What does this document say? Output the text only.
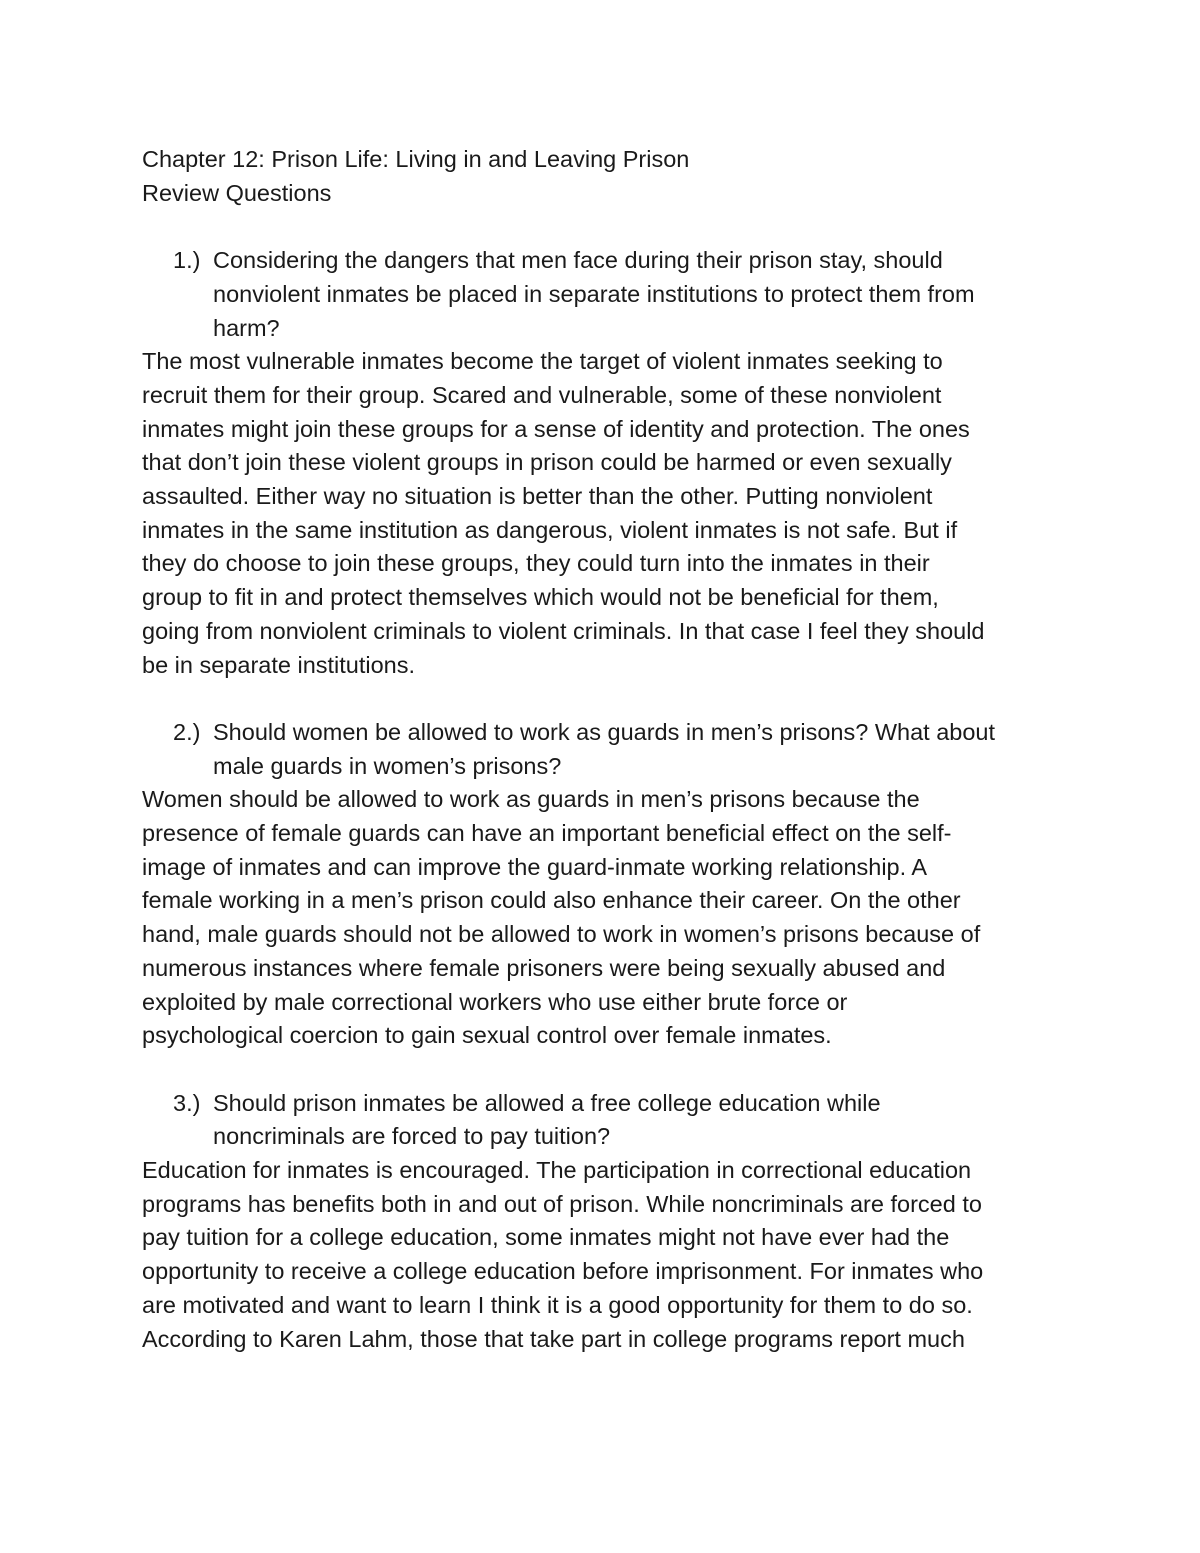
Chapter 12: Prison Life: Living in and Leaving Prison

Review Questions

1.) Considering the dangers that men face during their prison stay, should

nonviolent inmates be placed in separate institutions to protect them from

harm?

The most vulnerable inmates become the target of violent inmates seeking to

recruit them for their group. Scared and vulnerable, some of these nonviolent

inmates might join these groups for a sense of identity and protection. The ones

that don’t join these violent groups in prison could be harmed or even sexually

assaulted. Either way no situation is better than the other. Putting nonviolent

inmates in the same institution as dangerous, violent inmates is not safe. But if

they do choose to join these groups, they could turn into the inmates in their

group to fit in and protect themselves which would not be beneficial for them,

going from nonviolent criminals to violent criminals. In that case I feel they should

be in separate institutions.

2.) Should women be allowed to work as guards in men’s prisons? What about

male guards in women’s prisons?

Women should be allowed to work as guards in men’s prisons because the

presence of female guards can have an important beneficial effect on the self-

image of inmates and can improve the guard-inmate working relationship. A

female working in a men’s prison could also enhance their career. On the other

hand, male guards should not be allowed to work in women’s prisons because of

numerous instances where female prisoners were being sexually abused and

exploited by male correctional workers who use either brute force or

psychological coercion to gain sexual control over female inmates.

3.) Should prison inmates be allowed a free college education while

noncriminals are forced to pay tuition?

Education for inmates is encouraged. The participation in correctional education

programs has benefits both in and out of prison. While noncriminals are forced to

pay tuition for a college education, some inmates might not have ever had the

opportunity to receive a college education before imprisonment. For inmates who

are motivated and want to learn I think it is a good opportunity for them to do so.

According to Karen Lahm, those that take part in college programs report much
